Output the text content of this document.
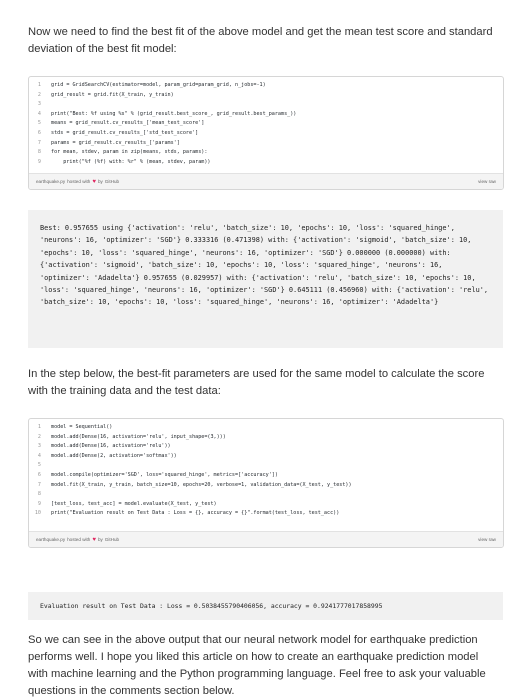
Now we need to find the best fit of the above model and get the mean test score and standard deviation of the best fit model:

1	grid = GridSearchCV(estimator=model, param_grid=param_grid, n_jobs=-1)
2	grid_result = grid.fit(X_train, y_train)
3
4	print("Best: %f using %s" % (grid_result.best_score_, grid_result.best_params_))
5	means = grid_result.cv_results_['mean_test_score']
6	stds = grid_result.cv_results_['std_test_score']
7	params = grid_result.cv_results_['params']
8	for mean, stdev, param in zip(means, stds, params):
9	print("%f (%f) with: %r" % (mean, stdev, param))
earthquake.py hosted with ♥ by GitHub	view raw
Best: 0.957655 using {'activation': 'relu', 'batch_size': 10, 'epochs': 10, 'loss': 'squared_hinge', 'neurons': 16, 'optimizer': 'SGD'} 0.333316 (0.471398) with: {'activation': 'sigmoid', 'batch_size': 10, 'epochs': 10, 'loss': 'squared_hinge', 'neurons': 16, 'optimizer': 'SGD'} 0.000000 (0.000000) with: {'activation': 'sigmoid', 'batch_size': 10, 'epochs': 10, 'loss': 'squared_hinge', 'neurons': 16, 'optimizer': 'Adadelta'} 0.957655 (0.029957) with: {'activation': 'relu', 'batch_size': 10, 'epochs': 10, 'loss': 'squared_hinge', 'neurons': 16, 'optimizer': 'SGD'} 0.645111 (0.456960) with: {'activation': 'relu', 'batch_size': 10, 'epochs': 10, 'loss': 'squared_hinge', 'neurons': 16, 'optimizer': 'Adadelta'}

In the step below, the best-fit parameters are used for the same model to calculate the score with the training data and the test data:

1	model = Sequential()
2	model.add(Dense(16, activation='relu', input_shape=(3,)))
3	model.add(Dense(16, activation='relu'))
4	model.add(Dense(2, activation='softmax'))
5
6	model.compile(optimizer='SGD', loss='squared_hinge', metrics=['accuracy'])
7	model.fit(X_train, y_train, batch_size=10, epochs=20, verbose=1, validation_data=(X_test, y_test))
8
9	[test_loss, test_acc] = model.evaluate(X_test, y_test)
10	print("Evaluation result on Test Data : Loss = {}, accuracy = {}".format(test_loss, test_acc))
earthquake.py hosted with ♥ by GitHub	view raw
Evaluation result on Test Data : Loss = 0.5038455790406056, accuracy = 0.9241777017858995

So we can see in the above output that our neural network model for earthquake prediction performs well. I hope you liked this article on how to create an earthquake prediction model with machine learning and the Python programming language. Feel free to ask your valuable questions in the comments section below.
